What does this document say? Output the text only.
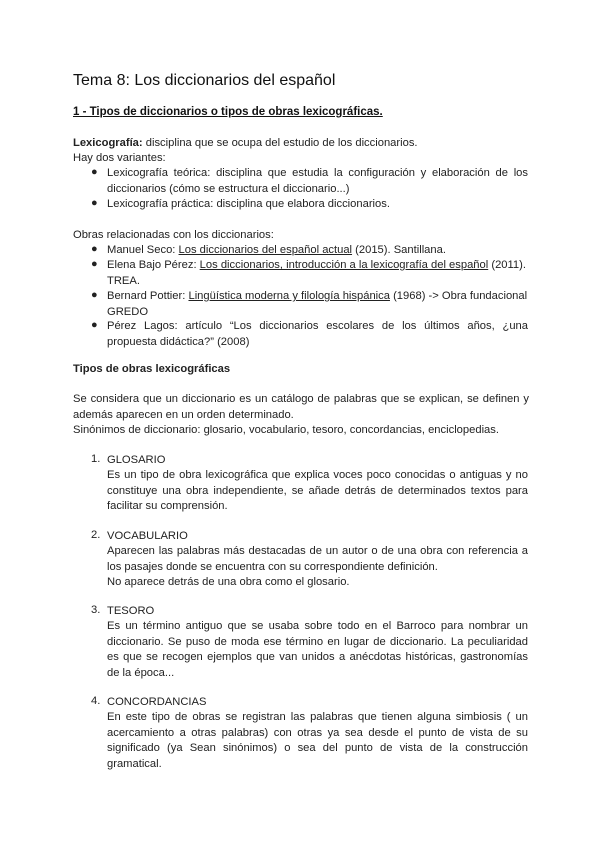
Tema 8: Los diccionarios del español
1 - Tipos de diccionarios o tipos de obras lexicográficas.
Lexicografía: disciplina que se ocupa del estudio de los diccionarios.
Hay dos variantes:
● Lexicografía teórica: disciplina que estudia la configuración y elaboración de los diccionarios (cómo se estructura el diccionario...)
● Lexicografía práctica: disciplina que elabora diccionarios.
Obras relacionadas con los diccionarios:
● Manuel Seco: Los diccionarios del español actual (2015). Santillana.
● Elena Bajo Pérez: Los diccionarios, introducción a la lexicografía del español (2011). TREA.
● Bernard Pottier: Lingüística moderna y filología hispánica (1968) -> Obra fundacional GREDO
● Pérez Lagos: artículo “Los diccionarios escolares de los últimos años, ¿una propuesta didáctica?” (2008)
Tipos de obras lexicográficas
Se considera que un diccionario es un catálogo de palabras que se explican, se definen y además aparecen en un orden determinado.
Sinónimos de diccionario: glosario, vocabulario, tesoro, concordancias, enciclopedias.
1. GLOSARIO
Es un tipo de obra lexicográfica que explica voces poco conocidas o antiguas y no constituye una obra independiente, se añade detrás de determinados textos para facilitar su comprensión.
2. VOCABULARIO
Aparecen las palabras más destacadas de un autor o de una obra con referencia a los pasajes donde se encuentra con su correspondiente definición.
No aparece detrás de una obra como el glosario.
3. TESORO
Es un término antiguo que se usaba sobre todo en el Barroco para nombrar un diccionario. Se puso de moda ese término en lugar de diccionario. La peculiaridad es que se recogen ejemplos que van unidos a anécdotas históricas, gastronomías de la época...
4. CONCORDANCIAS
En este tipo de obras se registran las palabras que tienen alguna simbiosis ( un acercamiento a otras palabras) con otras ya sea desde el punto de vista de su significado (ya Sean sinónimos) o sea del punto de vista de la construcción gramatical.
